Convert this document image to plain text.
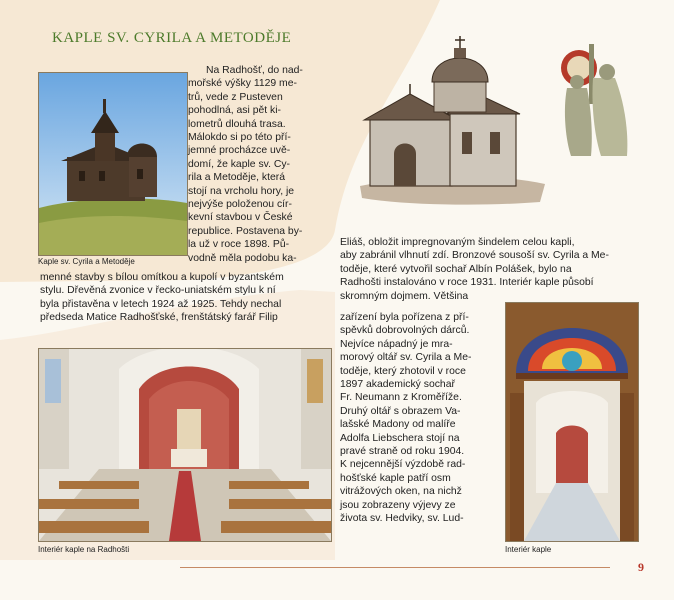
KAPLE SV. CYRILA A METODĚJE
Kaple sv. Cyrila a Metoděje
Na Radhošť, do nad-
mořské výšky 1129 me-
trů, vede z Pusteven
pohodlná, asi pět ki-
lometrů dlouhá trasa.
Málokdo si po této pří-
jemné procházce uvě-
domí, že kaple sv. Cy-
rila a Metoděje, která
stojí na vrcholu hory, je
nejvýše položenou cír-
kevní stavbou v České
republice. Postavena by-
la už v roce 1898. Pů-
vodně měla podobu ka-
menné stavby s bílou omítkou a kupolí v byzantském
stylu. Dřevěná zvonice v řecko-uniatském stylu k ní
byla přistavěna v letech 1924 až 1925. Tehdy nechal
předseda Matice Radhošťské, frenštátský farář Filip
Eliáš, obložit impregnovaným šindelem celou kapli,
aby zabránil vlhnutí zdí. Bronzové sousoší sv. Cyrila a Me-
toděje, které vytvořil sochař Albín Polášek, bylo na
Radhošti instalováno v roce 1931. Interiér kaple působí
skromným dojmem. Většina
zařízení byla pořízena z pří-
spěvků dobrovolných dárců.
Nejvíce nápadný je mra-
morový oltář sv. Cyrila a Me-
toděje, který zhotovil v roce
1897 akademický sochař
Fr. Neumann z Kroměříže.
Druhý oltář s obrazem Va-
lašské Madony od malíře
Adolfa Liebschera stojí na
pravé straně od roku 1904.
K nejcennější výzdobě rad-
hošťské kaple patří osm
vitrážových oken, na nichž
jsou zobrazeny výjevy ze
života sv. Hedviky, sv. Lud-
Interiér kaple na Radhošti	Interiér kaple
9
